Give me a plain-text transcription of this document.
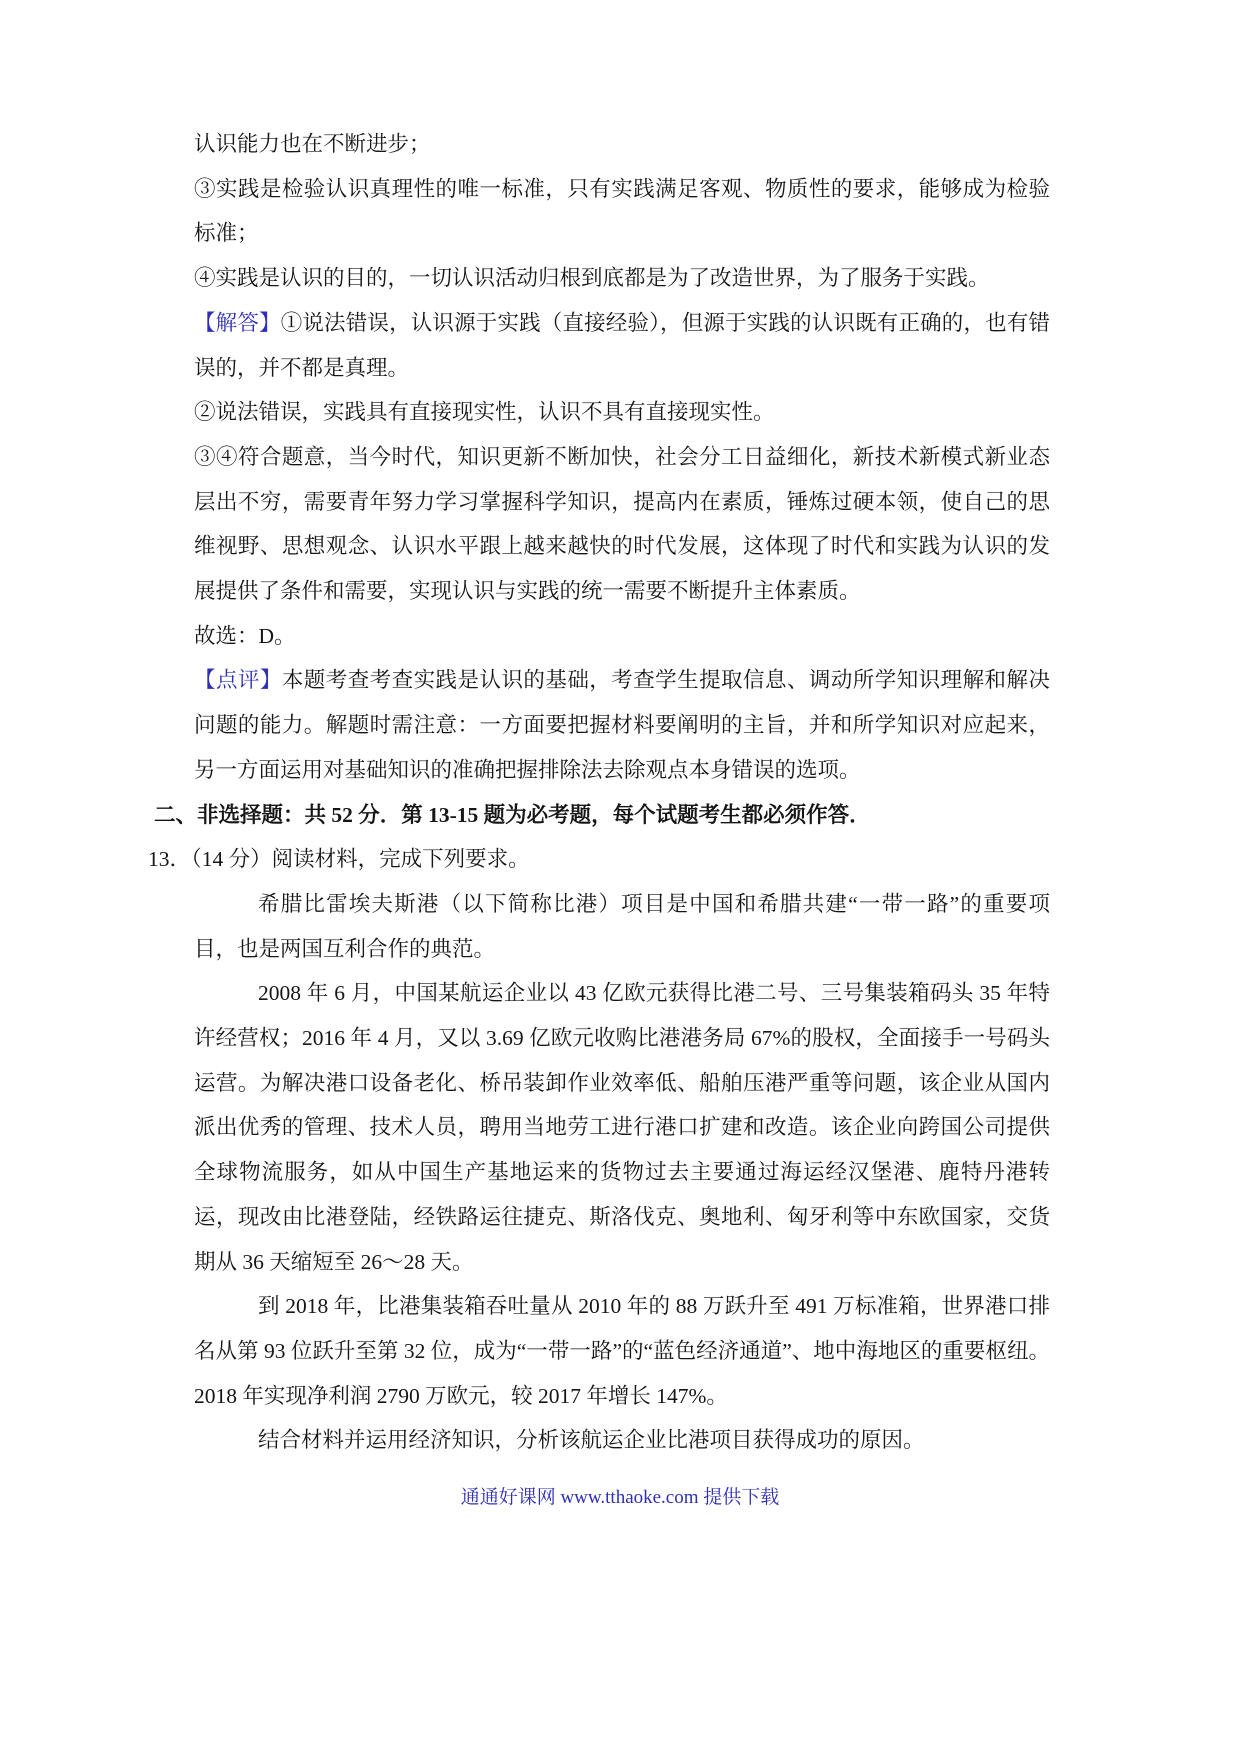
认识能力也在不断进步；

③实践是检验认识真理性的唯一标准，只有实践满足客观、物质性的要求，能够成为检验标准；

④实践是认识的目的，一切认识活动归根到底都是为了改造世界，为了服务于实践。

【解答】①说法错误，认识源于实践（直接经验），但源于实践的认识既有正确的，也有错误的，并不都是真理。

②说法错误，实践具有直接现实性，认识不具有直接现实性。

③④符合题意，当今时代，知识更新不断加快，社会分工日益细化，新技术新模式新业态层出不穷，需要青年努力学习掌握科学知识，提高内在素质，锤炼过硬本领，使自己的思维视野、思想观念、认识水平跟上越来越快的时代发展，这体现了时代和实践为认识的发展提供了条件和需要，实现认识与实践的统一需要不断提升主体素质。

故选：D。

【点评】本题考查考查实践是认识的基础，考查学生提取信息、调动所学知识理解和解决问题的能力。解题时需注意：一方面要把握材料要阐明的主旨，并和所学知识对应起来，另一方面运用对基础知识的准确把握排除法去除观点本身错误的选项。

二、非选择题：共 52 分．第 13-15 题为必考题，每个试题考生都必须作答．

13．（14 分）阅读材料，完成下列要求。

希腊比雷埃夫斯港（以下简称比港）项目是中国和希腊共建“一带一路”的重要项目，也是两国互利合作的典范。

2008 年 6 月，中国某航运企业以 43 亿欧元获得比港二号、三号集装箱码头 35 年特许经营权；2016 年 4 月，又以 3.69 亿欧元收购比港港务局 67%的股权，全面接手一号码头运营。为解决港口设备老化、桥吊装卸作业效率低、船舶压港严重等问题，该企业从国内派出优秀的管理、技术人员，聘用当地劳工进行港口扩建和改造。该企业向跨国公司提供全球物流服务，如从中国生产基地运来的货物过去主要通过海运经汉堡港、鹿特丹港转运，现改由比港登陆，经铁路运往捷克、斯洛伐克、奥地利、匈牙利等中东欧国家，交货期从 36 天缩短至 26～28 天。

到 2018 年，比港集装箱吞吐量从 2010 年的 88 万跃升至 491 万标准箱，世界港口排名从第 93 位跃升至第 32 位，成为“一带一路”的“蓝色经济通道”、地中海地区的重要枢纽。2018 年实现净利润 2790 万欧元，较 2017 年增长 147%。

结合材料并运用经济知识，分析该航运企业比港项目获得成功的原因。

通通好课网 www.tthaoke.com 提供下载
